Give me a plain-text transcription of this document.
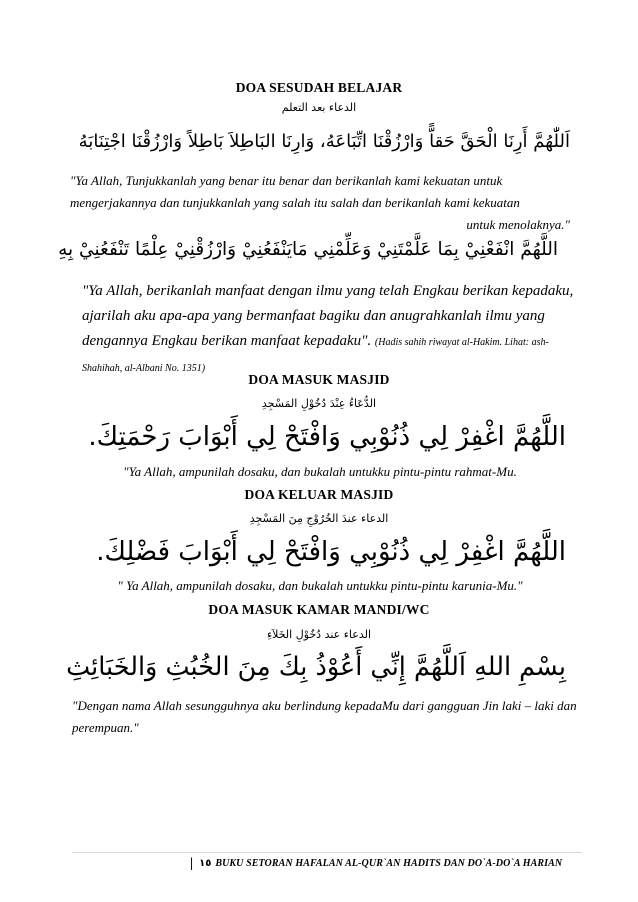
DOA SESUDAH BELAJAR
الدعاء بعد التعلم
اَللّٰهُمَّ أَرِنَا الْحَقَّ حَقاًّ وَارْزُقْنَا اتِّبَاعَهُ، وَارِنَا البَاطِلاَ بَاطِلاً وَارْزُقْنَا اجْتِنَابَهُ
"Ya Allah, Tunjukkanlah yang benar itu benar dan berikanlah kami kekuatan untuk mengerjakannya dan tunjukkanlah yang salah itu salah dan berikanlah kami kekuatan
untuk menolaknya."
اللَّهُمَّ انْفَعْنِيْ بِمَا عَلَّمْتَنِيْ وَعَلِّمْنِي مَايَنْفَعُنِيْ وَارْزُقْنِيْ عِلْمًا تَنْفَعُنِيْ بِهِ
"Ya Allah, berikanlah manfaat dengan ilmu yang telah Engkau berikan kepadaku, ajarilah aku apa-apa yang bermanfaat bagiku dan anugrahkanlah ilmu yang dengannya Engkau berikan manfaat kepadaku". (Hadis sahih riwayat al-Hakim. Lihat: ash-Shahihah, al-Albani No. 1351)
DOA MASUK MASJID
الدُّعَاءُ عِنْدَ دُخُوْلِ المَسْجِدِ
اللَّهُمَّ اغْفِرْ لِي ذُنُوْبِي وَافْتَحْ لِي أَبْوَابَ رَحْمَتِكَ.
"Ya Allah, ampunilah dosaku, dan bukalah untukku pintu-pintu rahmat-Mu.
DOA KELUAR MASJID
الدعاء عندَ الخُرُوْجِ مِنَ المَسْجِدِ
اللَّهُمَّ اغْفِرْ لِي ذُنُوْبِي وَافْتَحْ لِي أَبْوَابَ فَضْلِكَ.
" Ya Allah, ampunilah dosaku, dan bukalah untukku pintu-pintu karunia-Mu."
DOA MASUK KAMAR MANDI/WC
الدعاء عند دُخُوْلِ الخَلاَءِ
بِسْمِ اللهِ اَللَّهُمَّ إِنِّي أَعُوْذُ بِكَ مِنَ الخُبُثِ وَالخَبَائِثِ
"Dengan nama Allah sesungguhnya aku berlindung kepadaMu dari gangguan Jin laki – laki dan perempuan."
| ١٥ BUKU SETORAN HAFALAN AL-QUR`AN HADITS DAN DO`A-DO`A HARIAN
